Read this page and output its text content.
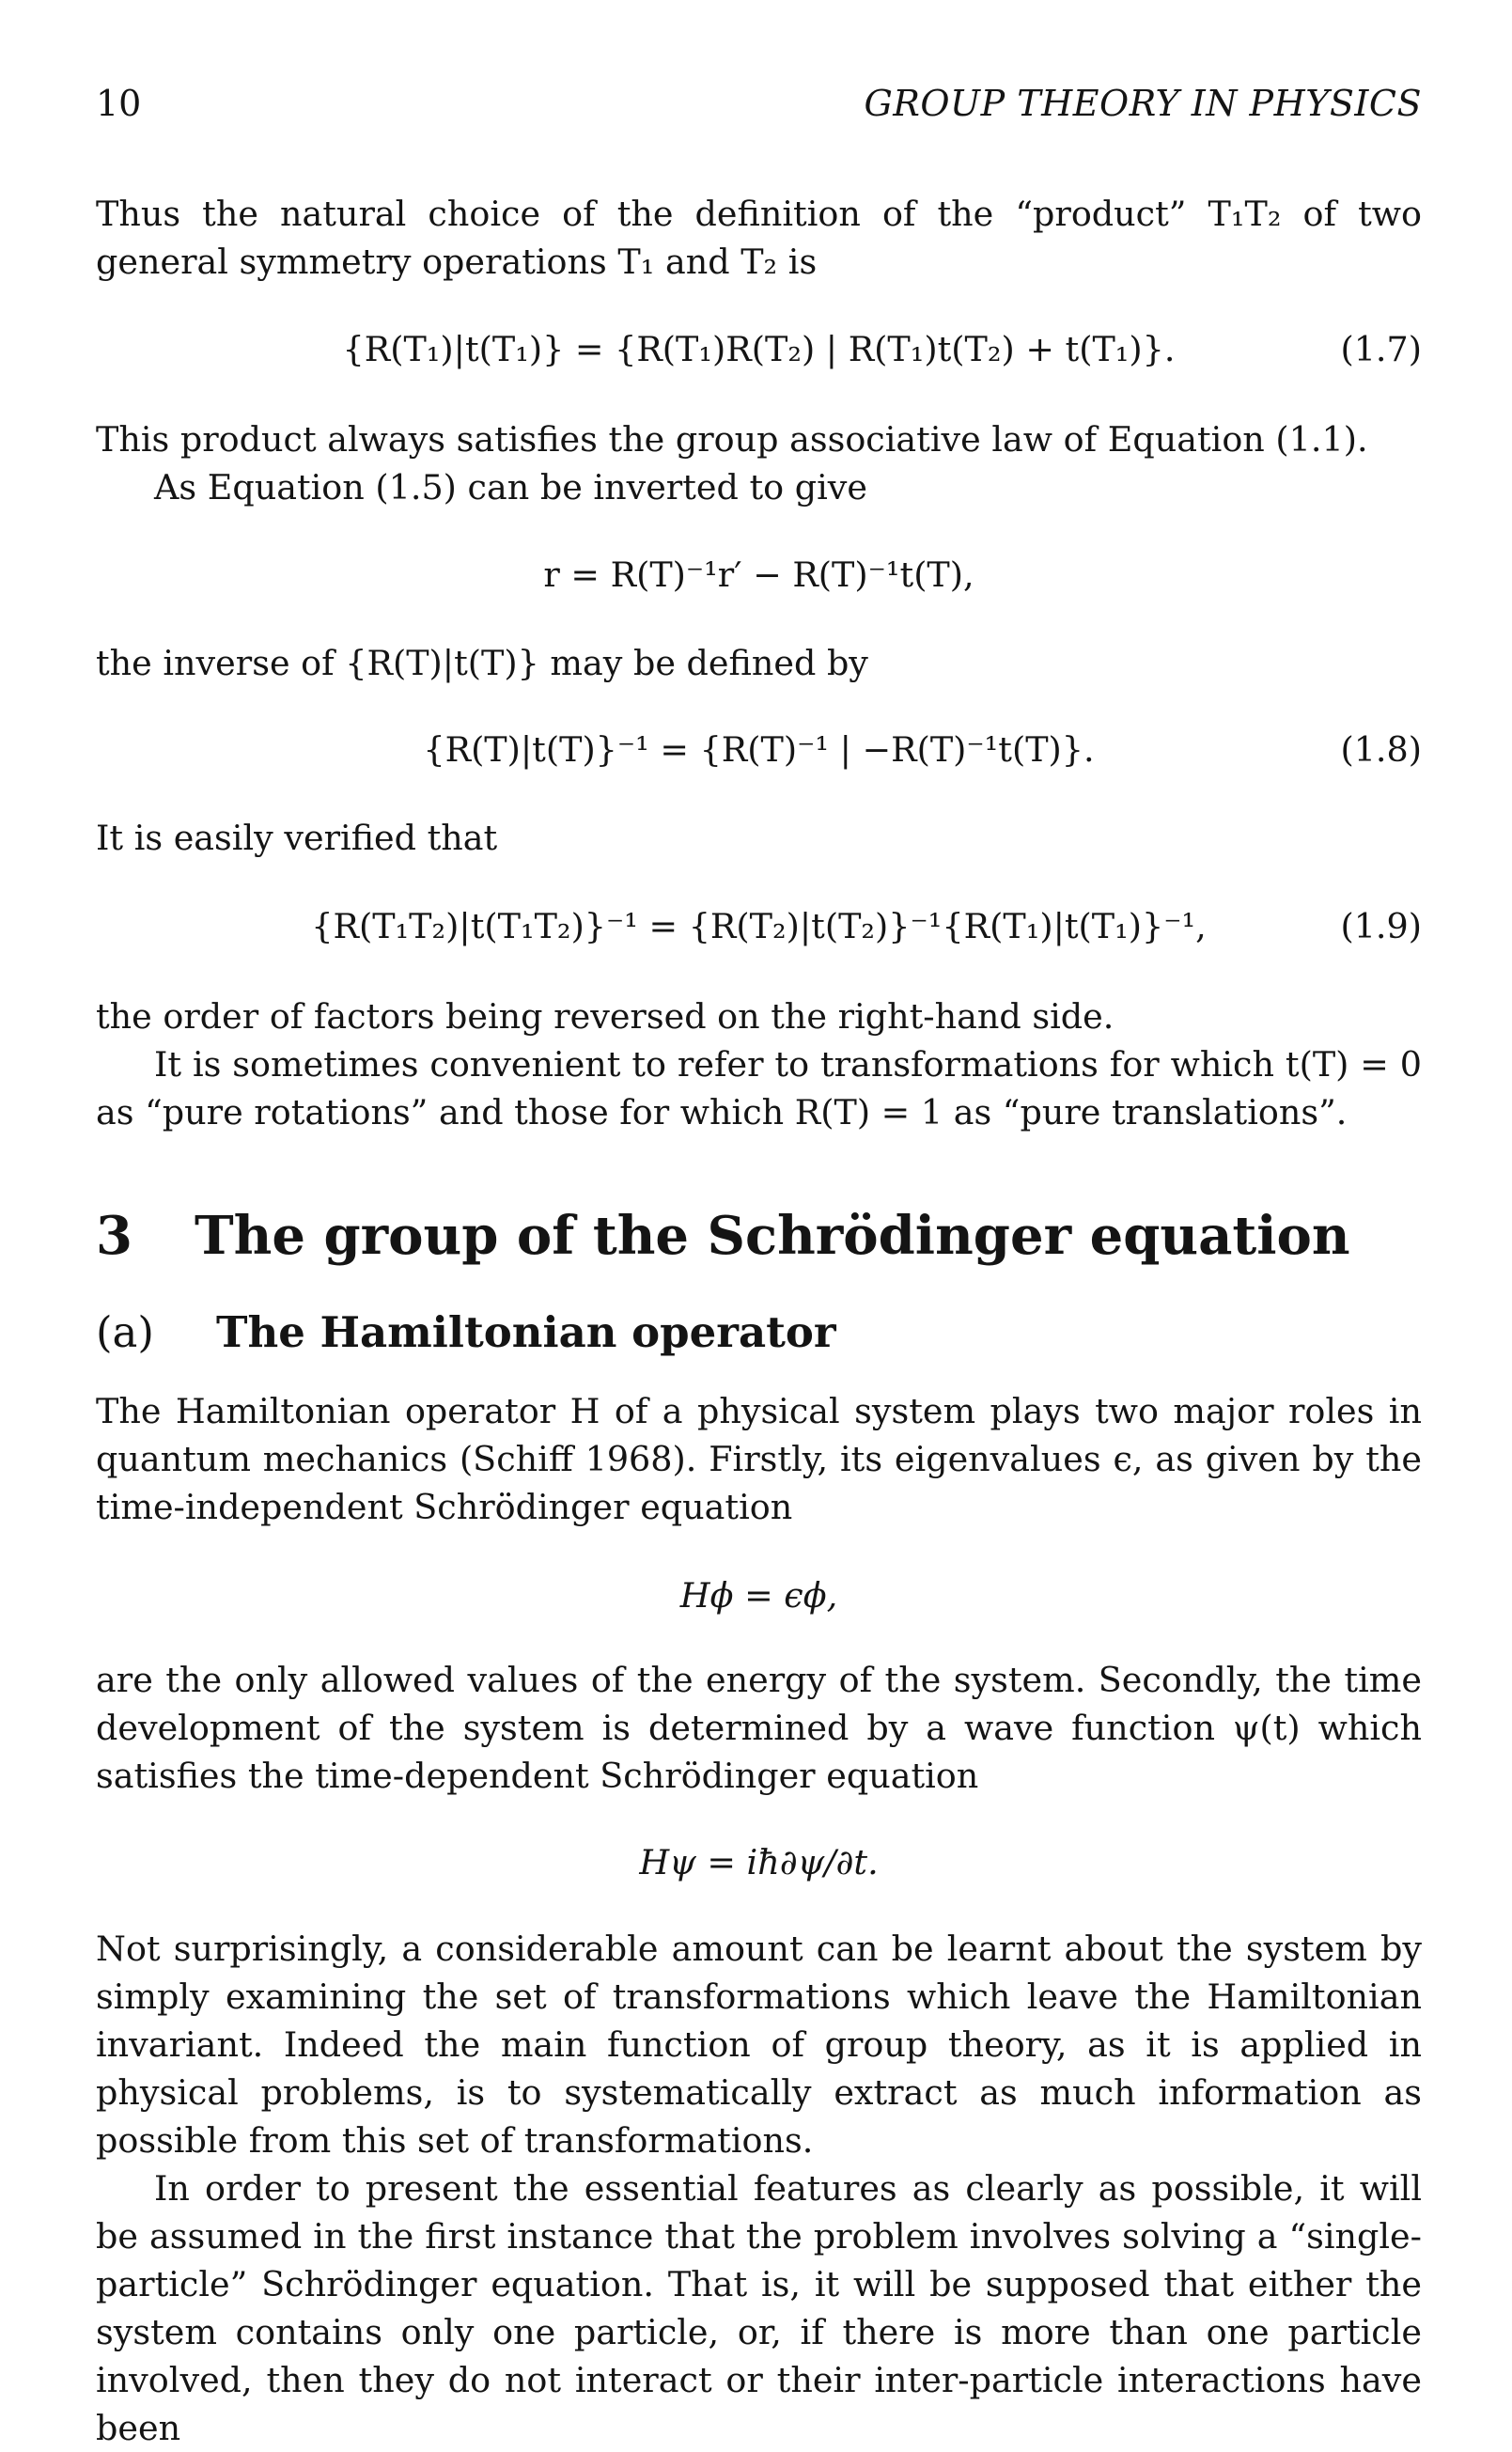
10	GROUP THEORY IN PHYSICS

Thus the natural choice of the definition of the “product” T₁T₂ of two general symmetry operations T₁ and T₂ is

{R(T₁)|t(T₁)} = {R(T₁)R(T₂) | R(T₁)t(T₂) + t(T₁)}.	(1.7)

This product always satisfies the group associative law of Equation (1.1).

As Equation (1.5) can be inverted to give

r = R(T)⁻¹r′ − R(T)⁻¹t(T),

the inverse of {R(T)|t(T)} may be defined by

{R(T)|t(T)}⁻¹ = {R(T)⁻¹ | −R(T)⁻¹t(T)}.	(1.8)

It is easily verified that

{R(T₁T₂)|t(T₁T₂)}⁻¹ = {R(T₂)|t(T₂)}⁻¹{R(T₁)|t(T₁)}⁻¹,	(1.9)

the order of factors being reversed on the right-hand side.

It is sometimes convenient to refer to transformations for which t(T) = 0 as “pure rotations” and those for which R(T) = 1 as “pure translations”.

3 The group of the Schrödinger equation
(a) The Hamiltonian operator

The Hamiltonian operator H of a physical system plays two major roles in quantum mechanics (Schiff 1968). Firstly, its eigenvalues ϵ, as given by the time-independent Schrödinger equation

Hϕ = ϵϕ,

are the only allowed values of the energy of the system. Secondly, the time development of the system is determined by a wave function ψ(t) which satisfies the time-dependent Schrödinger equation

Hψ = iħ∂ψ/∂t.

Not surprisingly, a considerable amount can be learnt about the system by simply examining the set of transformations which leave the Hamiltonian invariant. Indeed the main function of group theory, as it is applied in physical problems, is to systematically extract as much information as possible from this set of transformations.

In order to present the essential features as clearly as possible, it will be assumed in the first instance that the problem involves solving a “single-particle” Schrödinger equation. That is, it will be supposed that either the system contains only one particle, or, if there is more than one particle involved, then they do not interact or their inter-particle interactions have been
